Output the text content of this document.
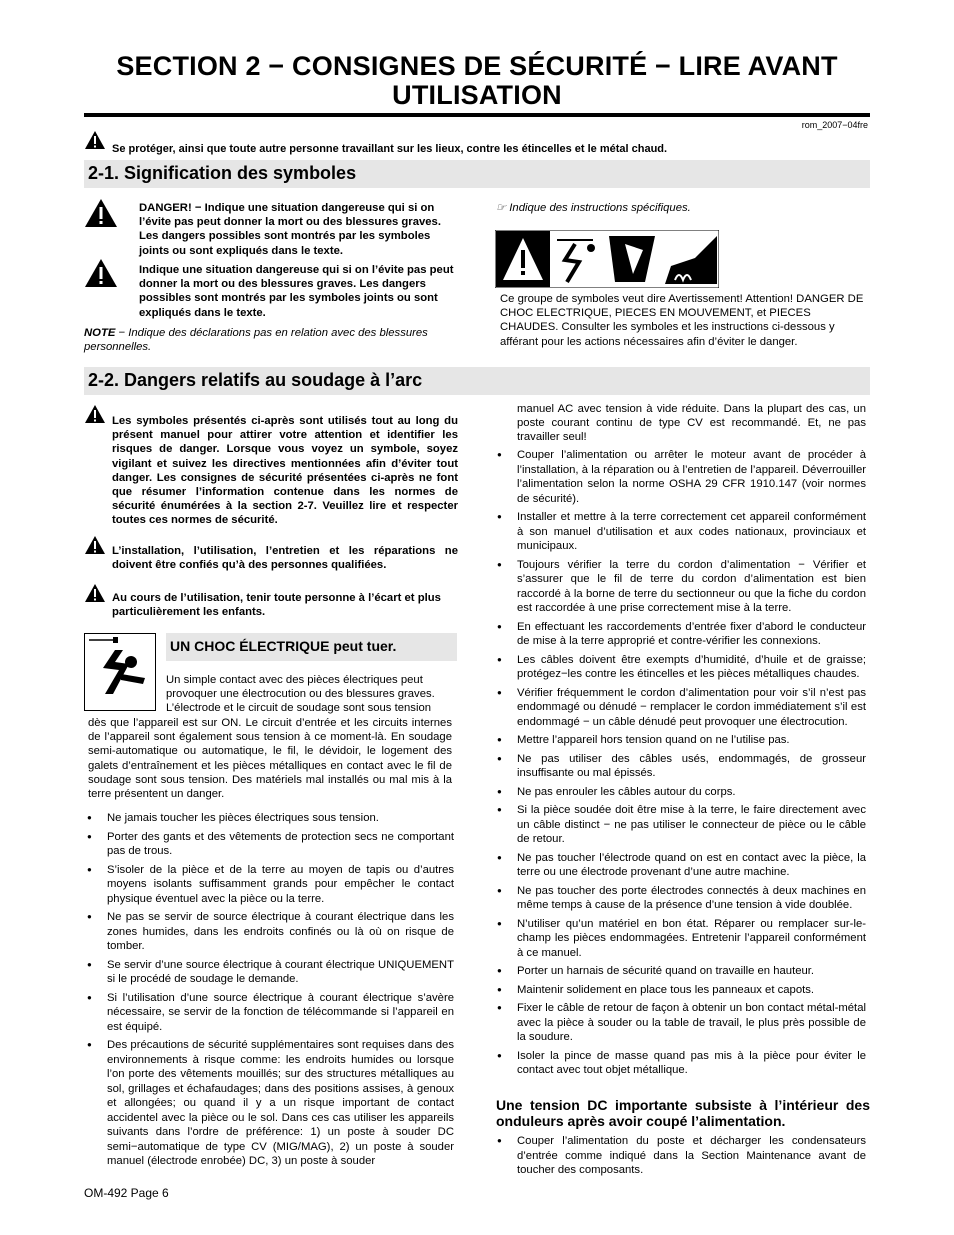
SECTION 2 − CONSIGNES DE SÉCURITÉ − LIRE AVANT UTILISATION
rom_2007−04fre
Se protéger, ainsi que toute autre personne travaillant sur les lieux, contre les étincelles et le métal chaud.
2-1. Signification des symboles
DANGER! − Indique une situation dangereuse qui si on l’évite pas peut donner la mort ou des blessures graves. Les dangers possibles sont montrés par les symboles joints ou sont expliqués dans le texte.
Indique une situation dangereuse qui si on l’évite pas peut donner la mort ou des blessures graves. Les dangers possibles sont montrés par les symboles joints ou sont expliqués dans le texte.
NOTE − Indique des déclarations pas en relation avec des blessures personnelles.
☞ Indique des instructions spécifiques.
Ce groupe de symboles veut dire Avertissement! Attention! DANGER DE CHOC ELECTRIQUE, PIECES EN MOUVEMENT, et PIECES CHAUDES. Consulter les symboles et les instructions ci-dessous y afférant pour les actions nécessaires afin d’éviter le danger.
2-2. Dangers relatifs au soudage à l’arc
Les symboles présentés ci-après sont utilisés tout au long du présent manuel pour attirer votre attention et identifier les risques de danger. Lorsque vous voyez un symbole, soyez vigilant et suivez les directives mentionnées afin d’éviter tout danger. Les consignes de sécurité présentées ci-après ne font que résumer l’information contenue dans les normes de sécurité énumérées à la section 2-7. Veuillez lire et respecter toutes ces normes de sécurité.
L’installation, l’utilisation, l’entretien et les réparations ne doivent être confiés qu’à des personnes qualifiées.
Au cours de l’utilisation, tenir toute personne à l’écart et plus particulièrement les enfants.
UN CHOC ÉLECTRIQUE peut tuer.
Un simple contact avec des pièces électriques peut provoquer une électrocution ou des blessures graves. L’électrode et le circuit de soudage sont sous tension
dès que l’appareil est sur ON. Le circuit d’entrée et les circuits internes de l’appareil sont également sous tension à ce moment-là. En soudage semi-automatique ou automatique, le fil, le dévidoir, le logement des galets d’entraînement et les pièces métalliques en contact avec le fil de soudage sont sous tension. Des matériels mal installés ou mal mis à la terre présentent un danger.
● Ne jamais toucher les pièces électriques sous tension.
● Porter des gants et des vêtements de protection secs ne comportant pas de trous.
● S’isoler de la pièce et de la terre au moyen de tapis ou d’autres moyens isolants suffisamment grands pour empêcher le contact physique éventuel avec la pièce ou la terre.
● Ne pas se servir de source électrique à courant électrique dans les zones humides, dans les endroits confinés ou là où on risque de tomber.
● Se servir d’une source électrique à courant électrique UNIQUEMENT si le procédé de soudage le demande.
● Si l’utilisation d’une source électrique à courant électrique s’avère nécessaire, se servir de la fonction de télécommande si l’appareil en est équipé.
● Des précautions de sécurité supplémentaires sont requises dans des environnements à risque comme: les endroits humides ou lorsque l’on porte des vêtements mouillés; sur des structures métalliques au sol, grillages et échafaudages; dans des positions assises, à genoux et allongées; ou quand il y a un risque important de contact accidentel avec la pièce ou le sol. Dans ces cas utiliser les appareils suivants dans l’ordre de préférence: 1) un poste à souder DC semi−automatique de type CV (MIG/MAG), 2) un poste à souder manuel (électrode enrobée) DC, 3) un poste à souder
manuel AC avec tension à vide réduite. Dans la plupart des cas, un poste courant continu de type CV est recommandé. Et, ne pas travailler seul!
● Couper l’alimentation ou arrêter le moteur avant de procéder à l’installation, à la réparation ou à l’entretien de l’appareil. Déverrouiller l’alimentation selon la norme OSHA 29 CFR 1910.147 (voir normes de sécurité).
● Installer et mettre à la terre correctement cet appareil conformément à son manuel d’utilisation et aux codes nationaux, provinciaux et municipaux.
● Toujours vérifier la terre du cordon d’alimentation − Vérifier et s’assurer que le fil de terre du cordon d’alimentation est bien raccordé à la borne de terre du sectionneur ou que la fiche du cordon est raccordée à une prise correctement mise à la terre.
● En effectuant les raccordements d’entrée fixer d’abord le conducteur de mise à la terre approprié et contre-vérifier les connexions.
● Les câbles doivent être exempts d’humidité, d’huile et de graisse; protégez−les contre les étincelles et les pièces métalliques chaudes.
● Vérifier fréquemment le cordon d’alimentation pour voir s’il n’est pas endommagé ou dénudé − remplacer le cordon immédiatement s’il est endommagé − un câble dénudé peut provoquer une électrocution.
● Mettre l’appareil hors tension quand on ne l’utilise pas.
● Ne pas utiliser des câbles usés, endommagés, de grosseur insuffisante ou mal épissés.
● Ne pas enrouler les câbles autour du corps.
● Si la pièce soudée doit être mise à la terre, le faire directement avec un câble distinct − ne pas utiliser le connecteur de pièce ou le câble de retour.
● Ne pas toucher l’électrode quand on est en contact avec la pièce, la terre ou une électrode provenant d’une autre machine.
● Ne pas toucher des porte électrodes connectés à deux machines en même temps à cause de la présence d’une tension à vide doublée.
● N’utiliser qu’un matériel en bon état. Réparer ou remplacer sur-le-champ les pièces endommagées. Entretenir l’appareil conformément à ce manuel.
● Porter un harnais de sécurité quand on travaille en hauteur.
● Maintenir solidement en place tous les panneaux et capots.
● Fixer le câble de retour de façon à obtenir un bon contact métal-métal avec la pièce à souder ou la table de travail, le plus près possible de la soudure.
● Isoler la pince de masse quand pas mis à la pièce pour éviter le contact avec tout objet métallique.
Une tension DC importante subsiste à l’intérieur des onduleurs après avoir coupé l’alimentation.
● Couper l’alimentation du poste et décharger les condensateurs d’entrée comme indiqué dans la Section Maintenance avant de toucher des composants.
OM-492 Page 6
